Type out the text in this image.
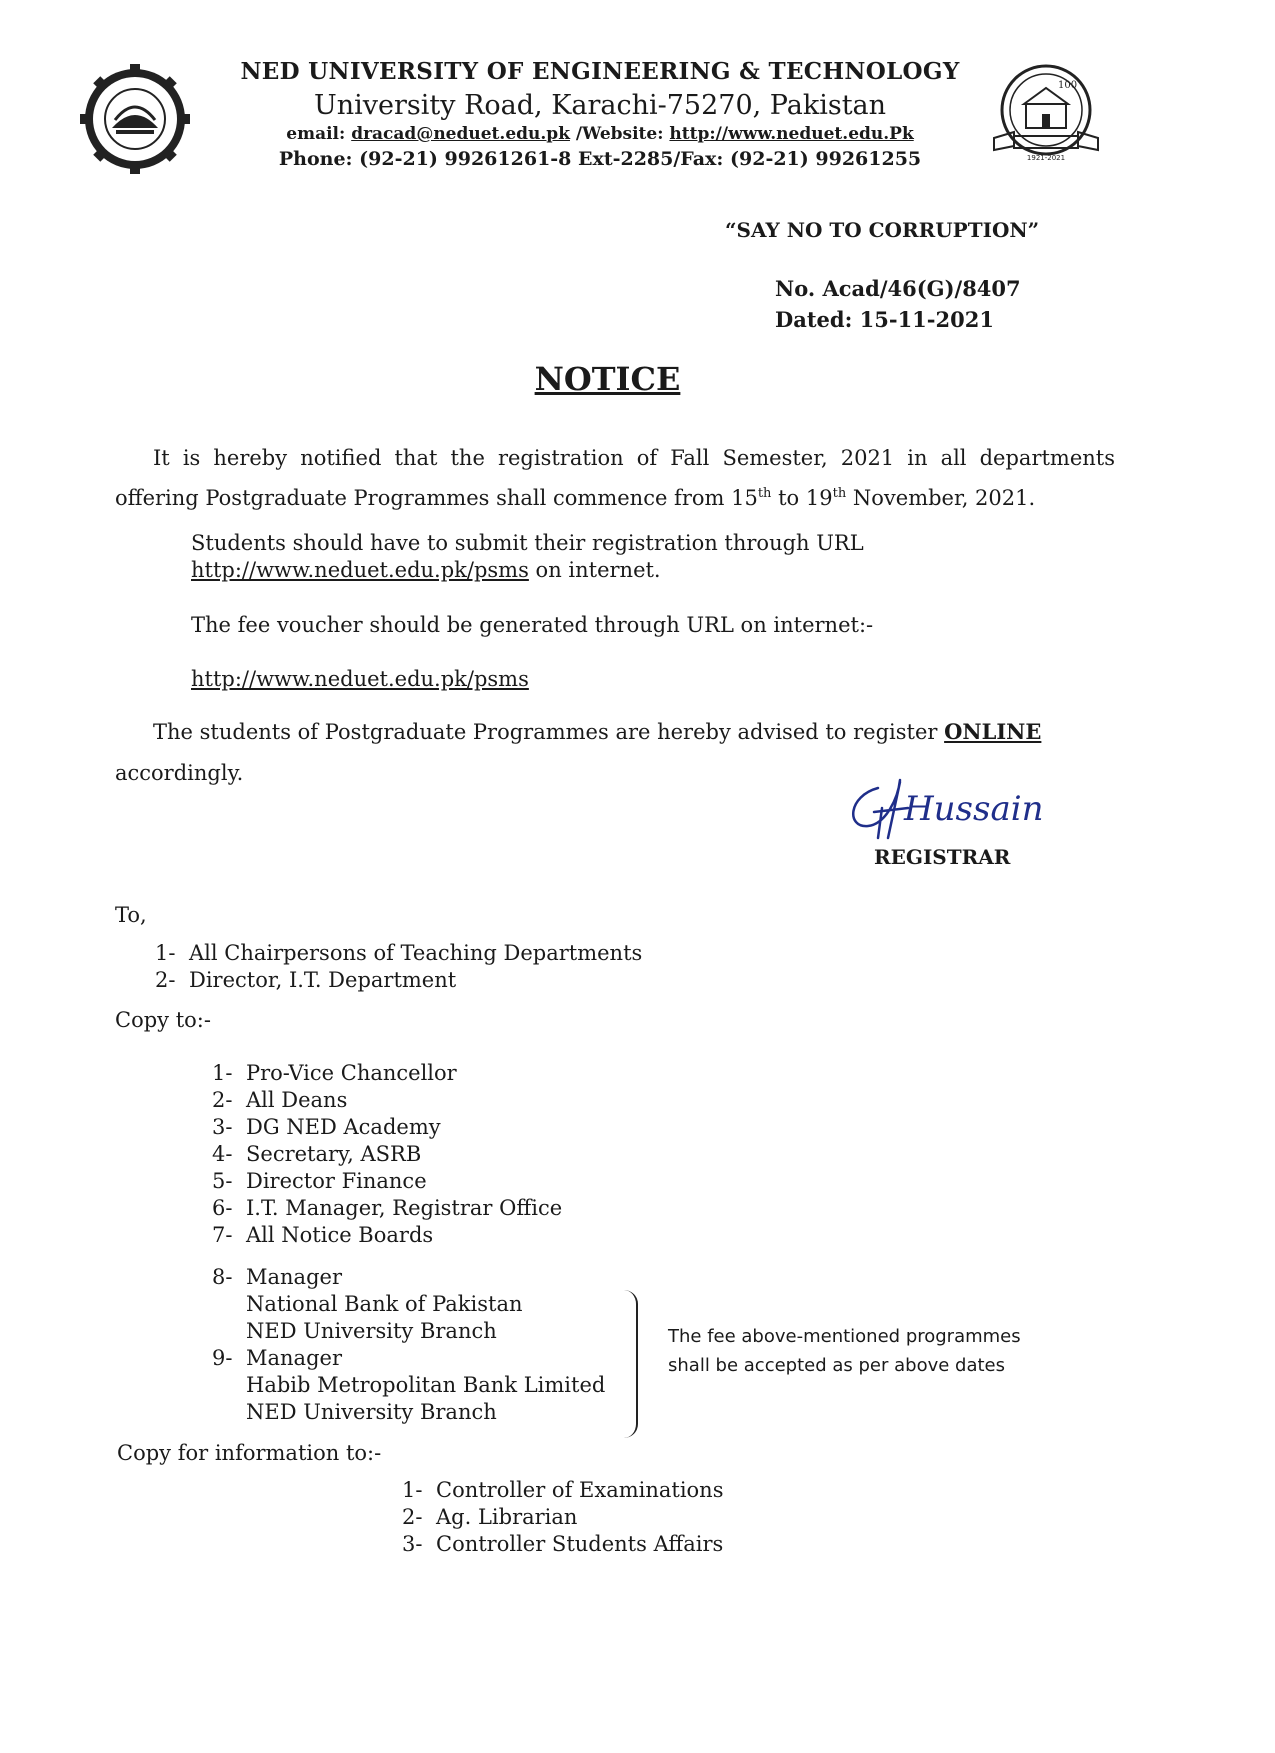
100
1921-2021
NED UNIVERSITY OF ENGINEERING & TECHNOLOGY
University Road, Karachi-75270, Pakistan
email: dracad@neduet.edu.pk /Website: http://www.neduet.edu.Pk
Phone: (92-21) 99261261-8 Ext-2285/Fax: (92-21) 99261255
“SAY NO TO CORRUPTION”
No. Acad/46(G)/8407
Dated: 15-11-2021
NOTICE
It is hereby notified that the registration of Fall Semester, 2021 in all departments offering Postgraduate Programmes shall commence from 15th to 19th November, 2021.
Students should have to submit their registration through URL
http://www.neduet.edu.pk/psms on internet.
The fee voucher should be generated through URL on internet:-
http://www.neduet.edu.pk/psms
The students of Postgraduate Programmes are hereby advised to register ONLINE
accordingly.
Hussain
REGISTRAR
To,
1- All Chairpersons of Teaching Departments
2- Director, I.T. Department
Copy to:-
1- Pro-Vice Chancellor
2- All Deans
3- DG NED Academy
4- Secretary, ASRB
5- Director Finance
6- I.T. Manager, Registrar Office
7- All Notice Boards
8- Manager
National Bank of Pakistan
NED University Branch
9- Manager
Habib Metropolitan Bank Limited
NED University Branch
The fee above-mentioned programmes
shall be accepted as per above dates
Copy for information to:-
1- Controller of Examinations
2- Ag. Librarian
3- Controller Students Affairs
